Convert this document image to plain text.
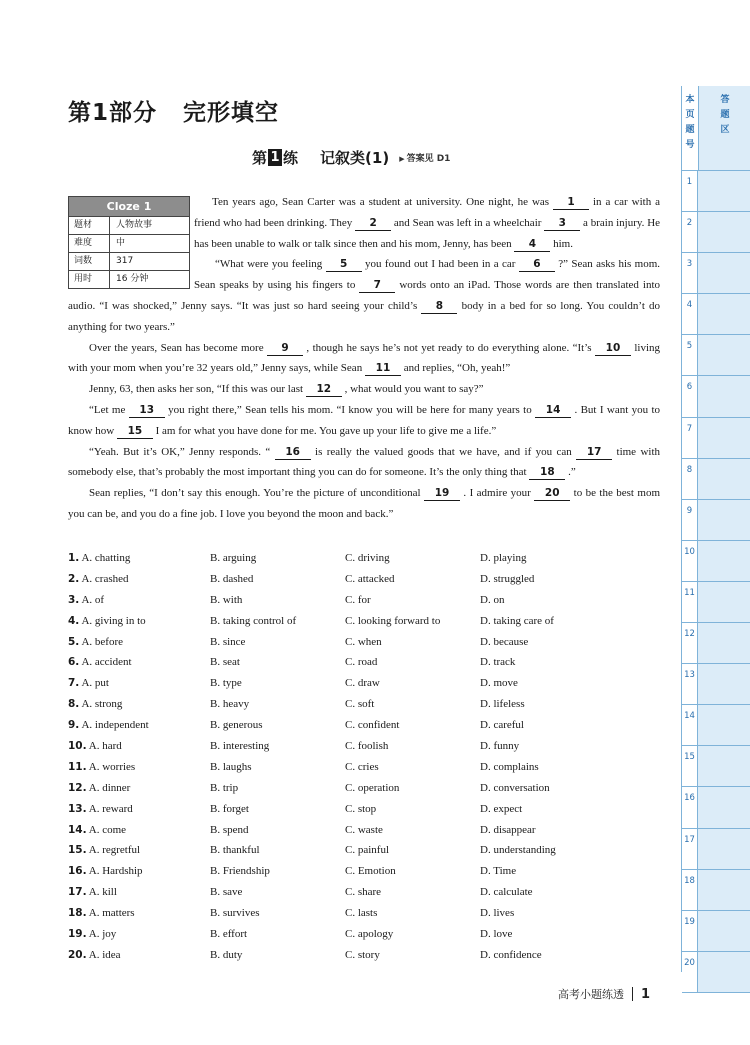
第1部分 完形填空
第 1 练 记叙类(1)
▶	答案见 D1

Ten years ago, Sean Carter was a student at university. One night, he was 1 in a car with a friend who had been drinking. They 2 and Sean was left in a wheelchair 3 a brain injury. He has been unable to walk or talk since then and his mom, Jenny, has been 4 him.

“What were you feeling 5 you found out I had been in a car 6 ?” Sean asks his mom. Sean speaks by using his fingers to 7 words onto an iPad. Those words are then translated into audio. “I was shocked,” Jenny says. “It was just so hard seeing your child’s 8 body in a bed for so long. You couldn’t do anything for two years.”

Over the years, Sean has become more 9 , though he says he’s not yet ready to do everything alone. “It’s 10 living with your mom when you’re 32 years old,” Jenny says, while Sean 11 and replies, “Oh, yeah!”

Jenny, 63, then asks her son, “If this was our last 12 , what would you want to say?”

“Let me 13 you right there,” Sean tells his mom. “I know you will be here for many years to 14 . But I want you to know how 15 I am for what you have done for me. You gave up your life to give me a life.”

“Yeah. But it’s OK,” Jenny responds. “ 16 is really the valued goods that we have, and if you can 17 time with somebody else, that’s probably the most important thing you can do for someone. It’s the only thing that 18 .”

Sean replies, “I don’t say this enough. You’re the picture of unconditional 19 . I admire your 20 to be the best mom you can be, and you do a fine job. I love you beyond the moon and back.”

Cloze 1
题材	人物故事
难度	中
词数	317
用时	16 分钟
1. A. chatting	B. arguing	C. driving	D. playing
2. A. crashed	B. dashed	C. attacked	D. struggled
3. A. of	B. with	C. for	D. on
4. A. giving in to	B. taking control of	C. looking forward to	D. taking care of
5. A. before	B. since	C. when	D. because
6. A. accident	B. seat	C. road	D. track
7. A. put	B. type	C. draw	D. move
8. A. strong	B. heavy	C. soft	D. lifeless
9. A. independent	B. generous	C. confident	D. careful
10. A. hard	B. interesting	C. foolish	D. funny
11. A. worries	B. laughs	C. cries	D. complains
12. A. dinner	B. trip	C. operation	D. conversation
13. A. reward	B. forget	C. stop	D. expect
14. A. come	B. spend	C. waste	D. disappear
15. A. regretful	B. thankful	C. painful	D. understanding
16. A. Hardship	B. Friendship	C. Emotion	D. Time
17. A. kill	B. save	C. share	D. calculate
18. A. matters	B. survives	C. lasts	D. lives
19. A. joy	B. effort	C. apology	D. love
20. A. idea	B. duty	C. story	D. confidence
本
页
题
号
答
题
区
1
2
3
4
5
6
7
8
9
10
11
12
13
14
15
16
17
18
19
20
高考小题练透 1
